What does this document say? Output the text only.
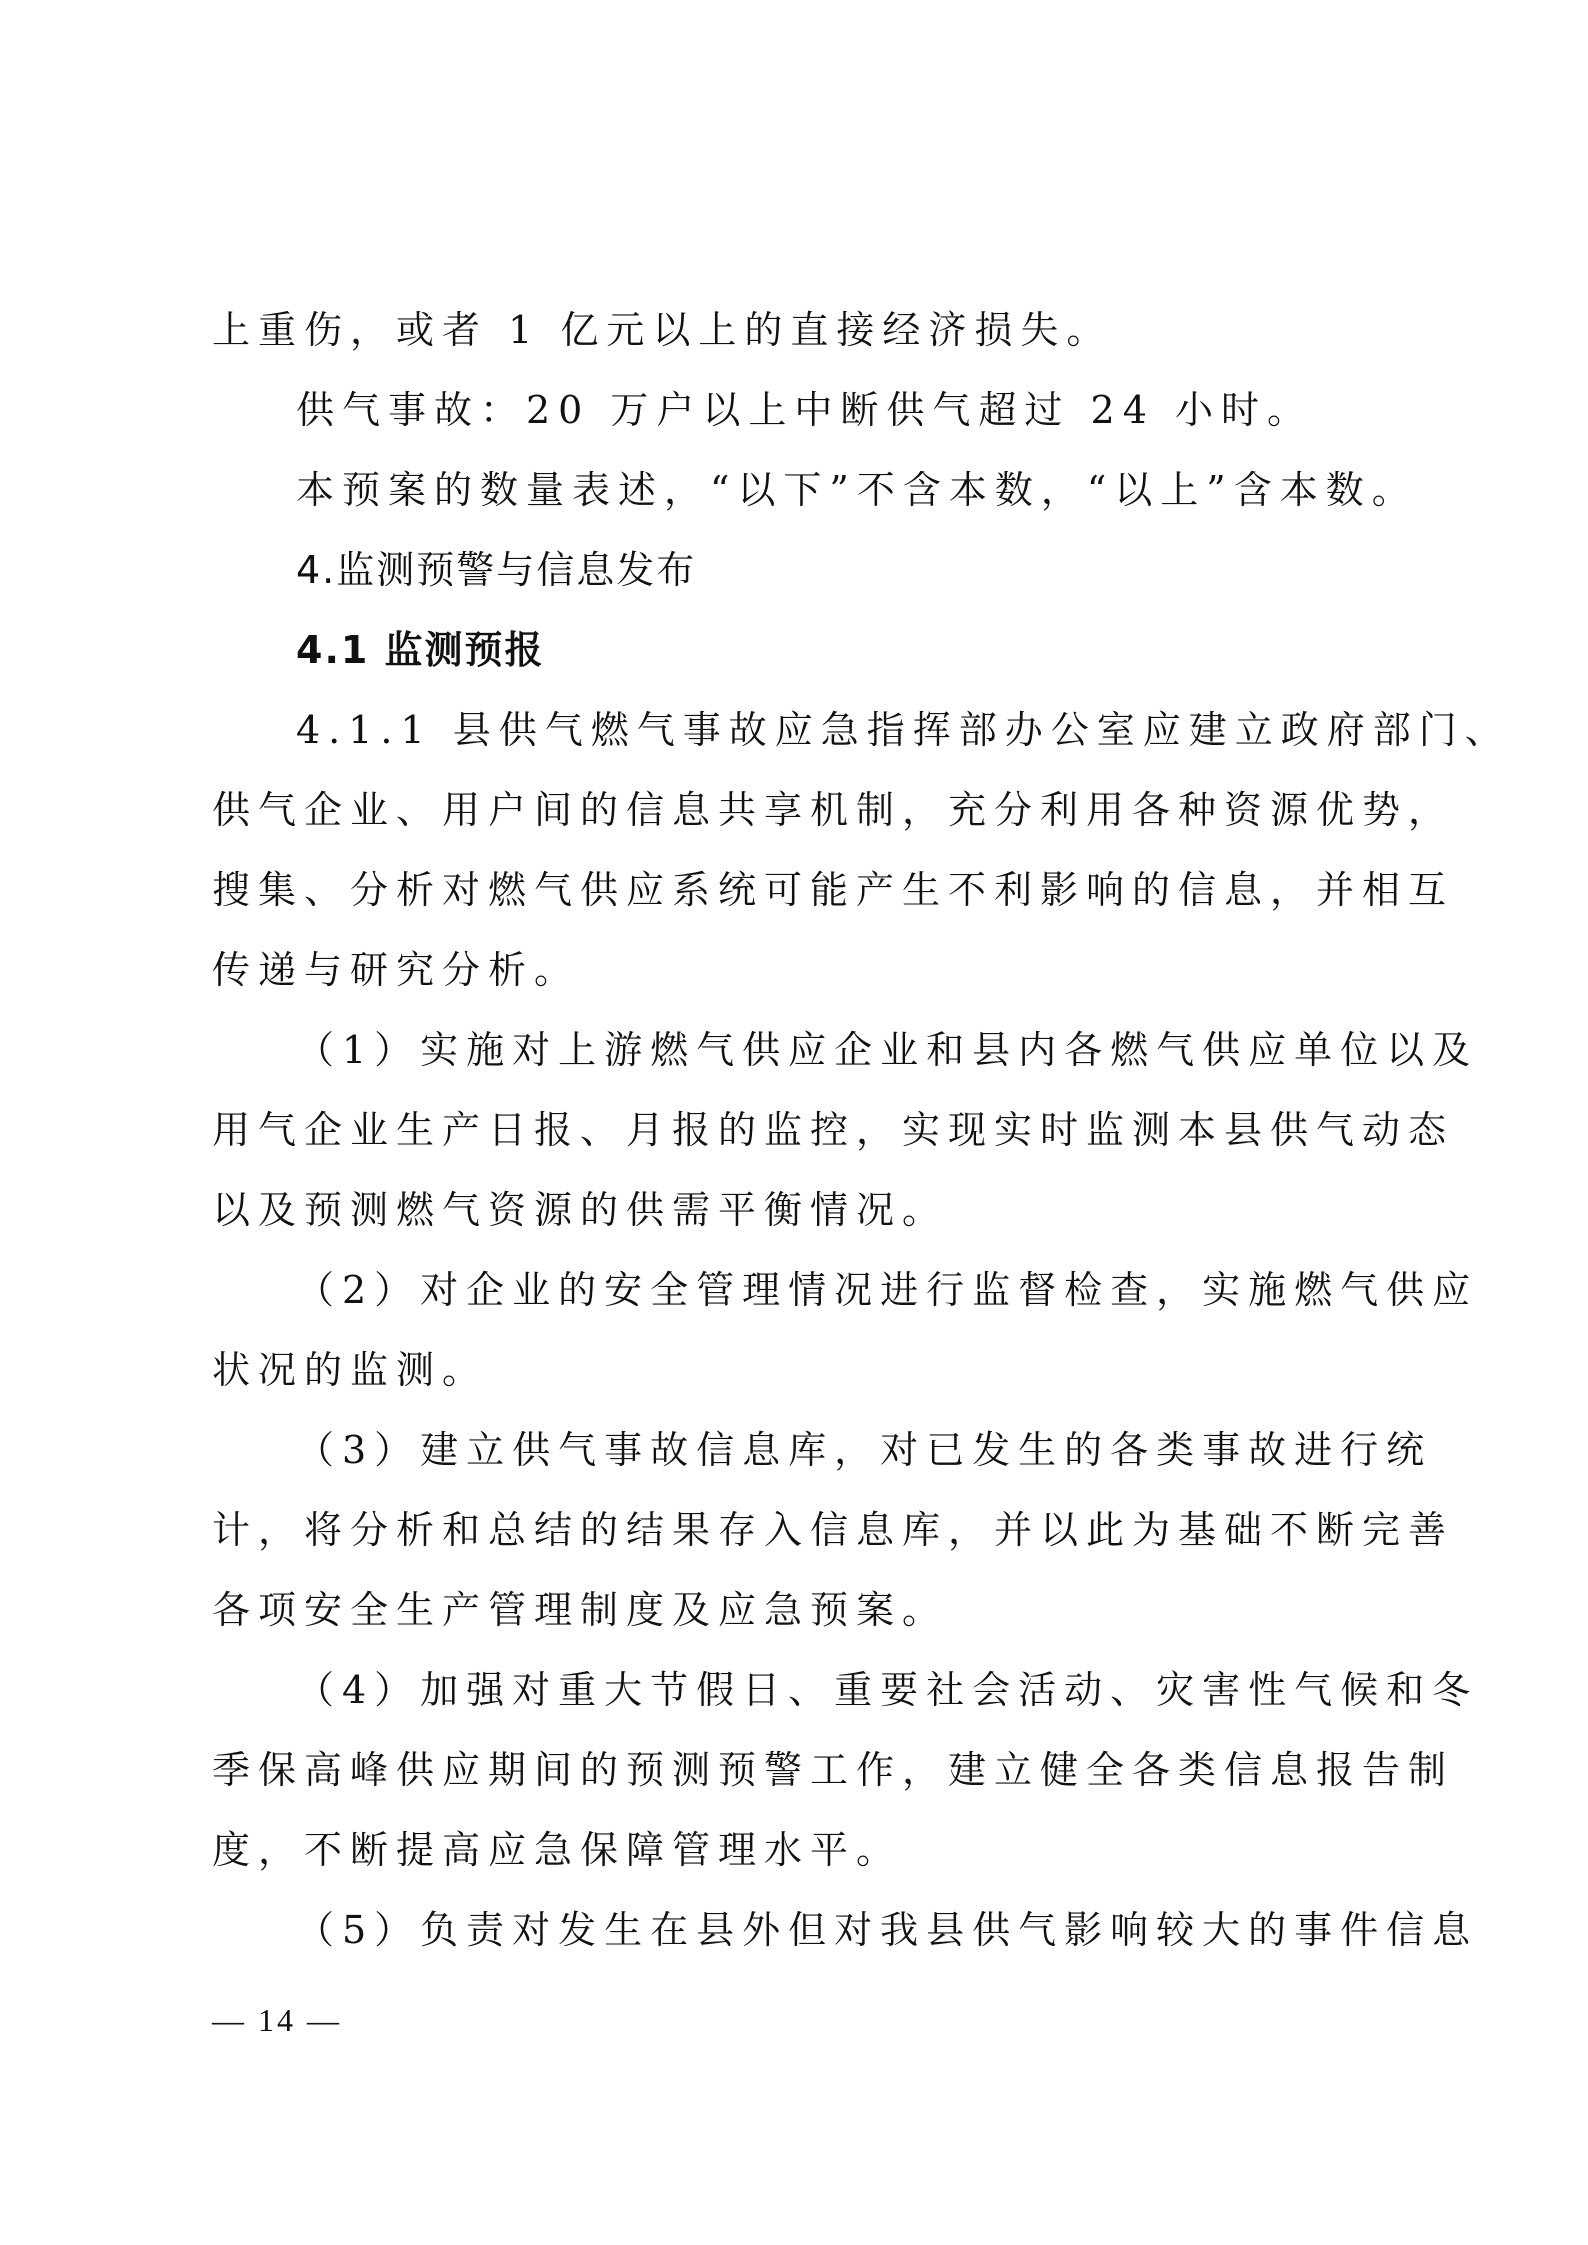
上重伤，或者 1 亿元以上的直接经济损失。
供气事故：20 万户以上中断供气超过 24 小时。
本预案的数量表述，“以下”不含本数，“以上”含本数。
4.监测预警与信息发布
4.1 监测预报
4.1.1 县供气燃气事故应急指挥部办公室应建立政府部门、
供气企业、用户间的信息共享机制，充分利用各种资源优势，
搜集、分析对燃气供应系统可能产生不利影响的信息，并相互
传递与研究分析。
（1）实施对上游燃气供应企业和县内各燃气供应单位以及
用气企业生产日报、月报的监控，实现实时监测本县供气动态
以及预测燃气资源的供需平衡情况。
（2）对企业的安全管理情况进行监督检查，实施燃气供应
状况的监测。
（3）建立供气事故信息库，对已发生的各类事故进行统
计，将分析和总结的结果存入信息库，并以此为基础不断完善
各项安全生产管理制度及应急预案。
（4）加强对重大节假日、重要社会活动、灾害性气候和冬
季保高峰供应期间的预测预警工作，建立健全各类信息报告制
度，不断提高应急保障管理水平。
（5）负责对发生在县外但对我县供气影响较大的事件信息
— 14 —
